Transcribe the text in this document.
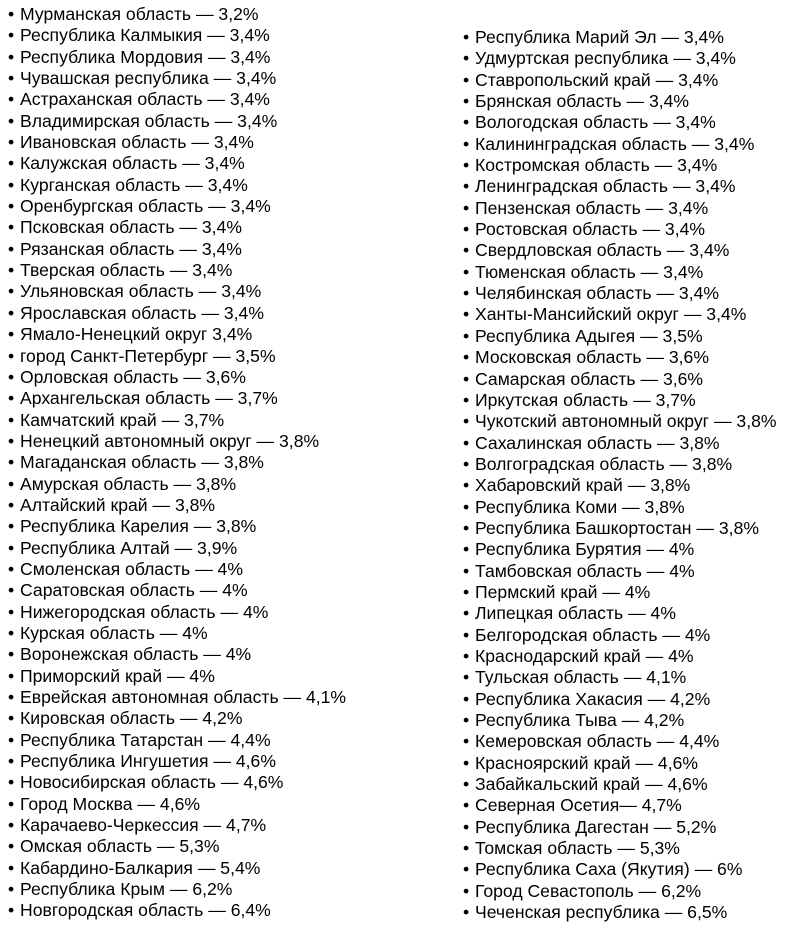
• Мурманская область — 3,2%
• Республика Калмыкия — 3,4%
• Республика Мордовия — 3,4%
• Чувашская республика — 3,4%
• Астраханская область — 3,4%
• Владимирская область — 3,4%
• Ивановская область — 3,4%
• Калужская область — 3,4%
• Курганская область — 3,4%
• Оренбургская область — 3,4%
• Псковская область — 3,4%
• Рязанская область — 3,4%
• Тверская область — 3,4%
• Ульяновская область — 3,4%
• Ярославская область — 3,4%
• Ямало-Ненецкий округ 3,4%
• город Санкт-Петербург — 3,5%
• Орловская область — 3,6%
• Архангельская область — 3,7%
• Камчатский край — 3,7%
• Ненецкий автономный округ — 3,8%
• Магаданская область — 3,8%
• Амурская область — 3,8%
• Алтайский край — 3,8%
• Республика Карелия — 3,8%
• Республика Алтай — 3,9%
• Смоленская область — 4%
• Саратовская область — 4%
• Нижегородская область — 4%
• Курская область — 4%
• Воронежская область — 4%
• Приморский край — 4%
• Еврейская автономная область — 4,1%
• Кировская область — 4,2%
• Республика Татарстан — 4,4%
• Республика Ингушетия — 4,6%
• Новосибирская область — 4,6%
• Город Москва — 4,6%
• Карачаево-Черкессия — 4,7%
• Омская область — 5,3%
• Кабардино-Балкария — 5,4%
• Республика Крым — 6,2%
• Новгородская область — 6,4%
• Республика Марий Эл — 3,4%
• Удмуртская республика — 3,4%
• Ставропольский край — 3,4%
• Брянская область — 3,4%
• Вологодская область — 3,4%
• Калининградская область — 3,4%
• Костромская область — 3,4%
• Ленинградская область — 3,4%
• Пензенская область — 3,4%
• Ростовская область — 3,4%
• Свердловская область — 3,4%
• Тюменская область — 3,4%
• Челябинская область — 3,4%
• Ханты-Мансийский округ — 3,4%
• Республика Адыгея — 3,5%
• Московская область — 3,6%
• Самарская область — 3,6%
• Иркутская область — 3,7%
• Чукотский автономный округ — 3,8%
• Сахалинская область — 3,8%
• Волгоградская область — 3,8%
• Хабаровский край — 3,8%
• Республика Коми — 3,8%
• Республика Башкортостан — 3,8%
• Республика Бурятия — 4%
• Тамбовская область — 4%
• Пермский край — 4%
• Липецкая область — 4%
• Белгородская область — 4%
• Краснодарский край — 4%
• Тульская область — 4,1%
• Республика Хакасия — 4,2%
• Республика Тыва — 4,2%
• Кемеровская область — 4,4%
• Красноярский край — 4,6%
• Забайкальский край — 4,6%
• Северная Осетия— 4,7%
• Республика Дагестан — 5,2%
• Томская область — 5,3%
• Республика Саха (Якутия) — 6%
• Город Севастополь — 6,2%
• Чеченская республика — 6,5%
